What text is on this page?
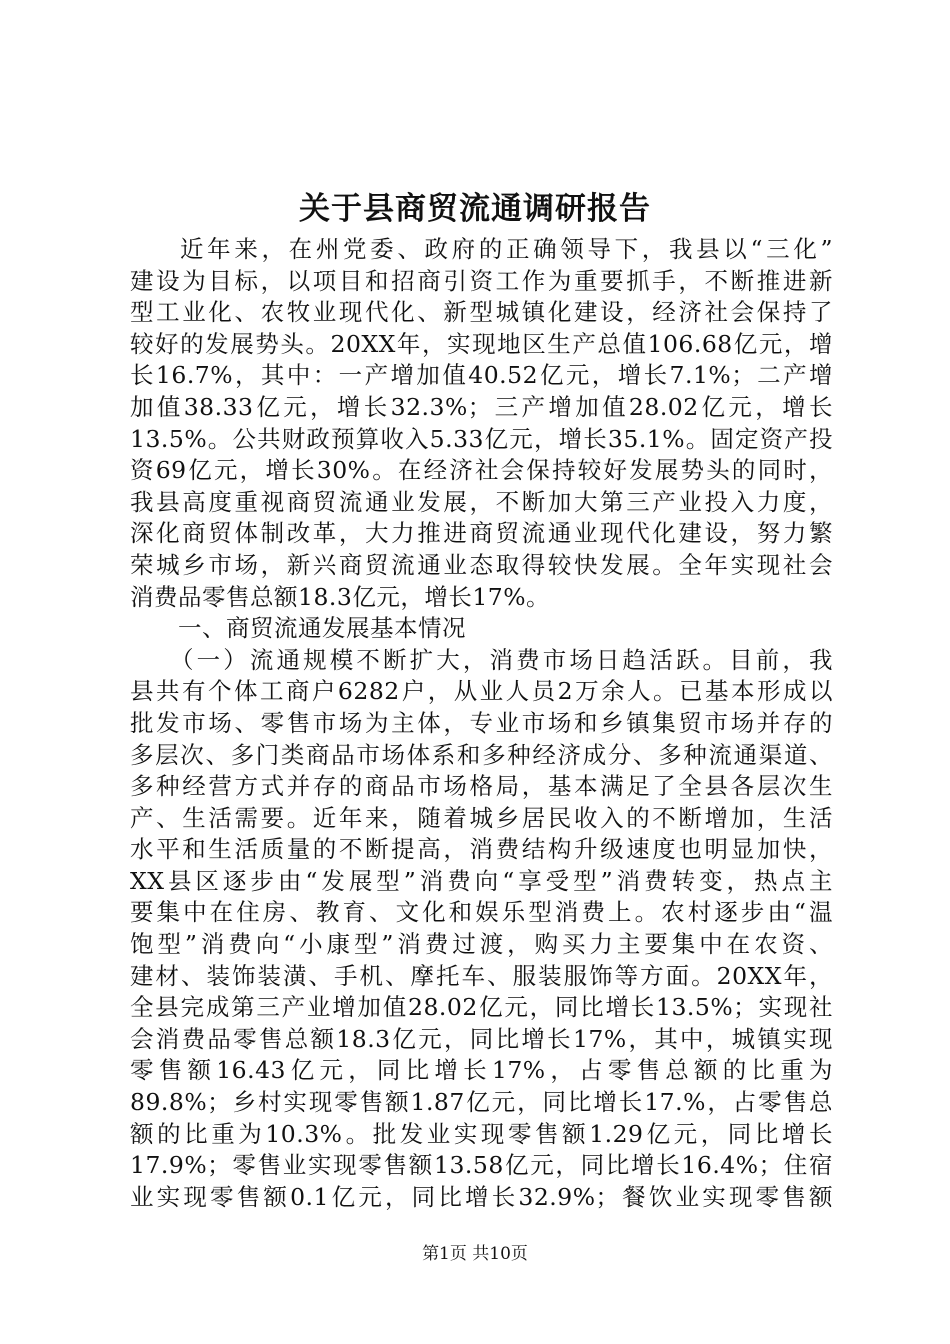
关于县商贸流通调研报告
近年来，在州党委、政府的正确领导下，我县以“三化”
建设为目标，以项目和招商引资工作为重要抓手，不断推进新
型工业化、农牧业现代化、新型城镇化建设，经济社会保持了
较好的发展势头。20XX年，实现地区生产总值106.68亿元，增
长16.7%，其中：一产增加值40.52亿元，增长7.1%；二产增
加值38.33亿元，增长32.3%；三产增加值28.02亿元，增长
13.5%。公共财政预算收入5.33亿元，增长35.1%。固定资产投
资69亿元，增长30%。在经济社会保持较好发展势头的同时，
我县高度重视商贸流通业发展，不断加大第三产业投入力度，
深化商贸体制改革，大力推进商贸流通业现代化建设，努力繁
荣城乡市场，新兴商贸流通业态取得较快发展。全年实现社会
消费品零售总额18.3亿元，增长17%。
一、商贸流通发展基本情况
（一）流通规模不断扩大，消费市场日趋活跃。目前，我
县共有个体工商户6282户，从业人员2万余人。已基本形成以
批发市场、零售市场为主体，专业市场和乡镇集贸市场并存的
多层次、多门类商品市场体系和多种经济成分、多种流通渠道、
多种经营方式并存的商品市场格局，基本满足了全县各层次生
产、生活需要。近年来，随着城乡居民收入的不断增加，生活
水平和生活质量的不断提高，消费结构升级速度也明显加快，
XX县区逐步由“发展型”消费向“享受型”消费转变，热点主
要集中在住房、教育、文化和娱乐型消费上。农村逐步由“温
饱型”消费向“小康型”消费过渡，购买力主要集中在农资、
建材、装饰装潢、手机、摩托车、服装服饰等方面。20XX年，
全县完成第三产业增加值28.02亿元，同比增长13.5%；实现社
会消费品零售总额18.3亿元，同比增长17%，其中，城镇实现
零售额16.43亿元，同比增长17%，占零售总额的比重为
89.8%；乡村实现零售额1.87亿元，同比增长17.%，占零售总
额的比重为10.3%。批发业实现零售额1.29亿元，同比增长
17.9%；零售业实现零售额13.58亿元，同比增长16.4%；住宿
业实现零售额0.1亿元，同比增长32.9%；餐饮业实现零售额
第1页 共10页
